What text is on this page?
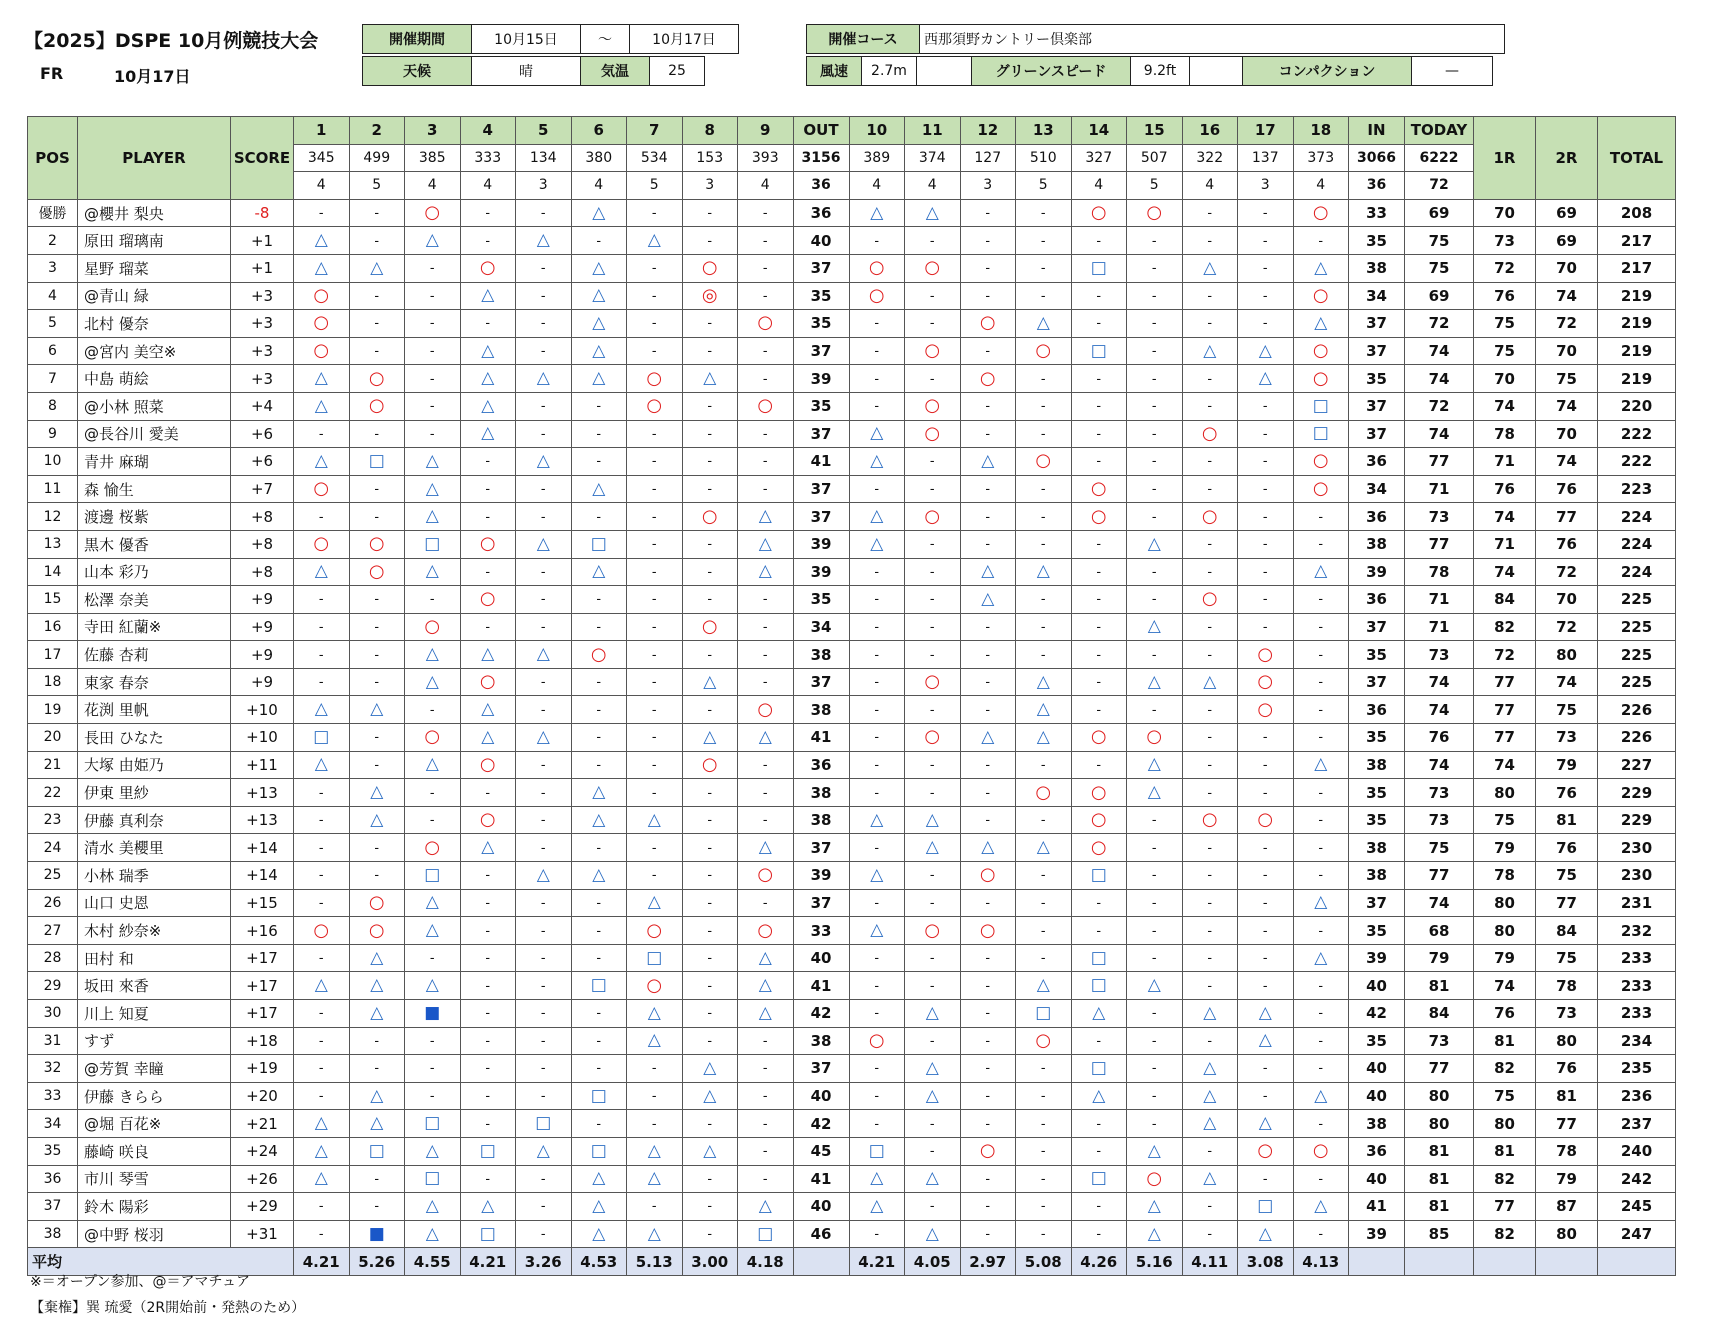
【2025】DSPE 10月例競技大会
FR	10月17日
開催期間	10月15日	〜	10月17日
天候	晴	気温	25
開催コース	西那須野カントリー倶楽部
風速	2.7m		グリーンスピード	9.2ft		コンパクション	—
POS	PLAYER	SCORE	1	2	3	4	5	6	7	8	9	OUT	10	11	12	13	14	15	16	17	18	IN	TODAY	1R	2R	TOTAL
			345	499	385	333	134	380	534	153	393	3156	389	374	127	510	327	507	322	137	373	3066	6222			
			4	5	4	4	3	4	5	3	4	36	4	4	3	5	4	5	4	3	4	36	72			
優勝	@櫻井 梨央	-8	-	-	○	-	-	△	-	-	-	36	△	△	-	-	○	○	-	-	○	33	69	70	69	208
2	原田 瑠璃南	+1	△	-	△	-	△	-	△	-	-	40	-	-	-	-	-	-	-	-	-	35	75	73	69	217
3	星野 瑠菜	+1	△	△	-	○	-	△	-	○	-	37	○	○	-	-	□	-	△	-	△	38	75	72	70	217
4	@青山 緑	+3	○	-	-	△	-	△	-	◎	-	35	○	-	-	-	-	-	-	-	○	34	69	76	74	219
5	北村 優奈	+3	○	-	-	-	-	△	-	-	○	35	-	-	○	△	-	-	-	-	△	37	72	75	72	219
6	@宮内 美空※	+3	○	-	-	△	-	△	-	-	-	37	-	○	-	○	□	-	△	△	○	37	74	75	70	219
7	中島 萌絵	+3	△	○	-	△	△	△	○	△	-	39	-	-	○	-	-	-	-	△	○	35	74	70	75	219
8	@小林 照菜	+4	△	○	-	△	-	-	○	-	○	35	-	○	-	-	-	-	-	-	□	37	72	74	74	220
9	@長谷川 愛美	+6	-	-	-	△	-	-	-	-	-	37	△	○	-	-	-	-	○	-	□	37	74	78	70	222
10	青井 麻瑚	+6	△	□	△	-	△	-	-	-	-	41	△	-	△	○	-	-	-	-	○	36	77	71	74	222
11	森 愉生	+7	○	-	△	-	-	△	-	-	-	37	-	-	-	-	○	-	-	-	○	34	71	76	76	223
12	渡邊 桜紫	+8	-	-	△	-	-	-	-	○	△	37	△	○	-	-	○	-	○	-	-	36	73	74	77	224
13	黒木 優香	+8	○	○	□	○	△	□	-	-	△	39	△	-	-	-	-	△	-	-	-	38	77	71	76	224
14	山本 彩乃	+8	△	○	△	-	-	△	-	-	△	39	-	-	△	△	-	-	-	-	△	39	78	74	72	224
15	松澤 奈美	+9	-	-	-	○	-	-	-	-	-	35	-	-	△	-	-	-	○	-	-	36	71	84	70	225
16	寺田 紅蘭※	+9	-	-	○	-	-	-	-	○	-	34	-	-	-	-	-	△	-	-	-	37	71	82	72	225
17	佐藤 杏莉	+9	-	-	△	△	△	○	-	-	-	38	-	-	-	-	-	-	-	○	-	35	73	72	80	225
18	東家 春奈	+9	-	-	△	○	-	-	-	△	-	37	-	○	-	△	-	△	△	○	-	37	74	77	74	225
19	花渕 里帆	+10	△	△	-	△	-	-	-	-	○	38	-	-	-	△	-	-	-	○	-	36	74	77	75	226
20	長田 ひなた	+10	□	-	○	△	△	-	-	△	△	41	-	○	△	△	○	○	-	-	-	35	76	77	73	226
21	大塚 由姫乃	+11	△	-	△	○	-	-	-	○	-	36	-	-	-	-	-	△	-	-	△	38	74	74	79	227
22	伊東 里紗	+13	-	△	-	-	-	△	-	-	-	38	-	-	-	○	○	△	-	-	-	35	73	80	76	229
23	伊藤 真利奈	+13	-	△	-	○	-	△	△	-	-	38	△	△	-	-	○	-	○	○	-	35	73	75	81	229
24	清水 美櫻里	+14	-	-	○	△	-	-	-	-	△	37	-	△	△	△	○	-	-	-	-	38	75	79	76	230
25	小林 瑞季	+14	-	-	□	-	△	△	-	-	○	39	△	-	○	-	□	-	-	-	-	38	77	78	75	230
26	山口 史恩	+15	-	○	△	-	-	-	△	-	-	37	-	-	-	-	-	-	-	-	△	37	74	80	77	231
27	木村 紗奈※	+16	○	○	△	-	-	-	○	-	○	33	△	○	○	-	-	-	-	-	-	35	68	80	84	232
28	田村 和	+17	-	△	-	-	-	-	□	-	△	40	-	-	-	-	□	-	-	-	△	39	79	79	75	233
29	坂田 來香	+17	△	△	△	-	-	□	○	-	△	41	-	-	-	△	□	△	-	-	-	40	81	74	78	233
30	川上 知夏	+17	-	△	■	-	-	-	△	-	△	42	-	△	-	□	△	-	△	△	-	42	84	76	73	233
31	すず	+18	-	-	-	-	-	-	△	-	-	38	○	-	-	○	-	-	-	△	-	35	73	81	80	234
32	@芳賀 幸瞳	+19	-	-	-	-	-	-	-	△	-	37	-	△	-	-	□	-	△	-	-	40	77	82	76	235
33	伊藤 きらら	+20	-	△	-	-	-	□	-	△	-	40	-	△	-	-	△	-	△	-	△	40	80	75	81	236
34	@堀 百花※	+21	△	△	□	-	□	-	-	-	-	42	-	-	-	-	-	-	△	△	-	38	80	80	77	237
35	藤崎 咲良	+24	△	□	△	□	△	□	△	△	-	45	□	-	○	-	-	△	-	○	○	36	81	81	78	240
36	市川 琴雪	+26	△	-	□	-	-	△	△	-	-	41	△	△	-	-	□	○	△	-	-	40	81	82	79	242
37	鈴木 陽彩	+29	-	-	△	△	-	△	-	-	△	40	△	-	-	-	-	△	-	□	△	41	81	77	87	245
38	@中野 桜羽	+31	-	■	△	□	-	△	△	-	□	46	-	△	-	-	-	△	-	△	-	39	85	82	80	247
平均			4.21	5.26	4.55	4.21	3.26	4.53	5.13	3.00	4.18		4.21	4.05	2.97	5.08	4.26	5.16	4.11	3.08	4.13					
※＝オープン参加、@＝アマチュア
【棄権】巽 琉愛（2R開始前・発熱のため）
